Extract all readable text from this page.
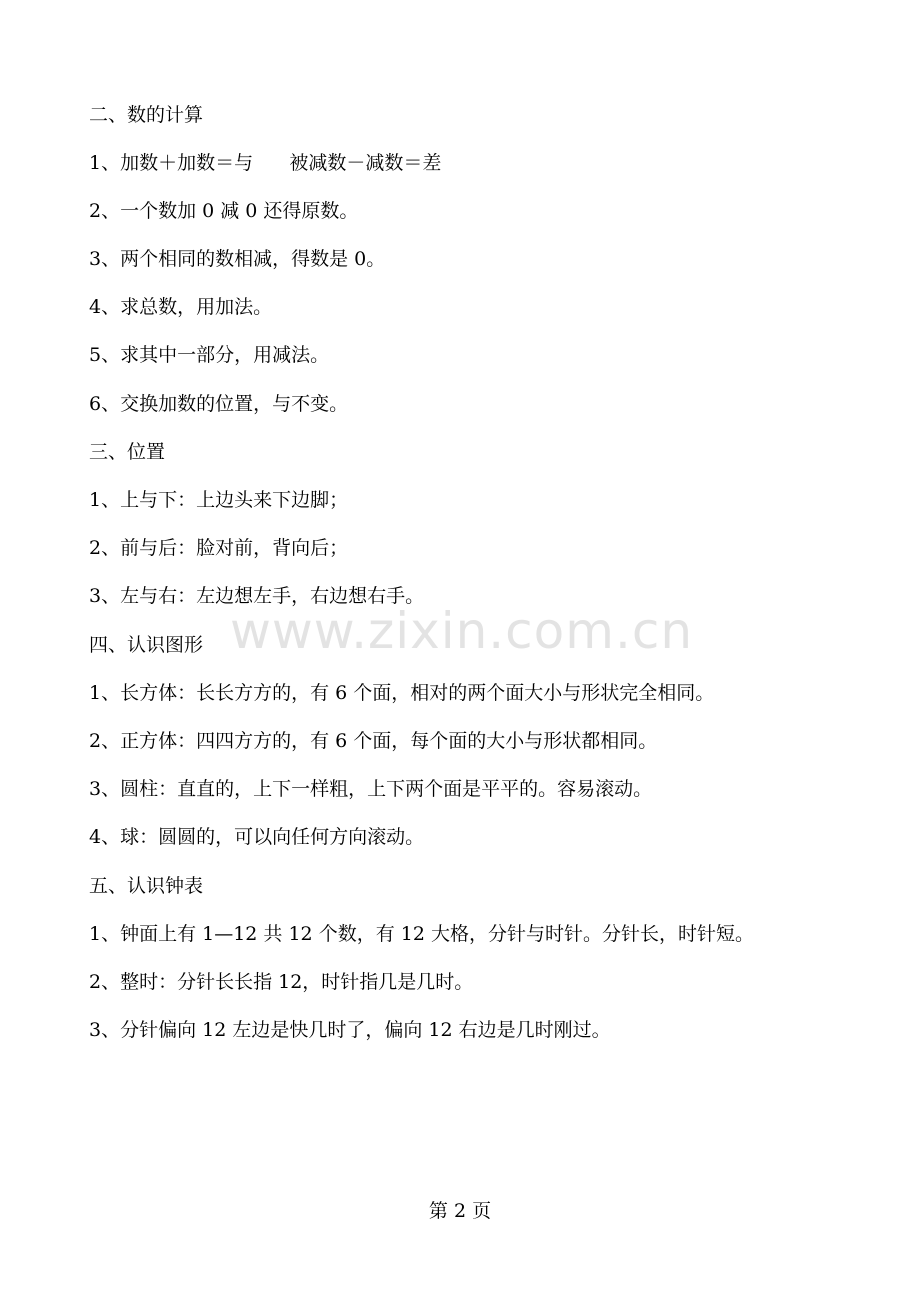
www.zixin.com.cn
二、数的计算
1、加数＋加数＝与      被减数－减数＝差
2、一个数加 0 减 0 还得原数。
3、两个相同的数相减，得数是 0。
4、求总数，用加法。
5、求其中一部分，用减法。
6、交换加数的位置，与不变。
三、位置
1、上与下：上边头来下边脚；
2、前与后：脸对前，背向后；
3、左与右：左边想左手，右边想右手。
四、认识图形
1、长方体：长长方方的，有 6 个面，相对的两个面大小与形状完全相同。
2、正方体：四四方方的，有 6 个面，每个面的大小与形状都相同。
3、圆柱：直直的，上下一样粗，上下两个面是平平的。容易滚动。
4、球：圆圆的，可以向任何方向滚动。
五、认识钟表
1、钟面上有 1—12 共 12 个数，有 12 大格，分针与时针。分针长，时针短。
2、整时：分针长长指 12，时针指几是几时。
3、分针偏向 12 左边是快几时了，偏向 12 右边是几时刚过。
第 2 页
